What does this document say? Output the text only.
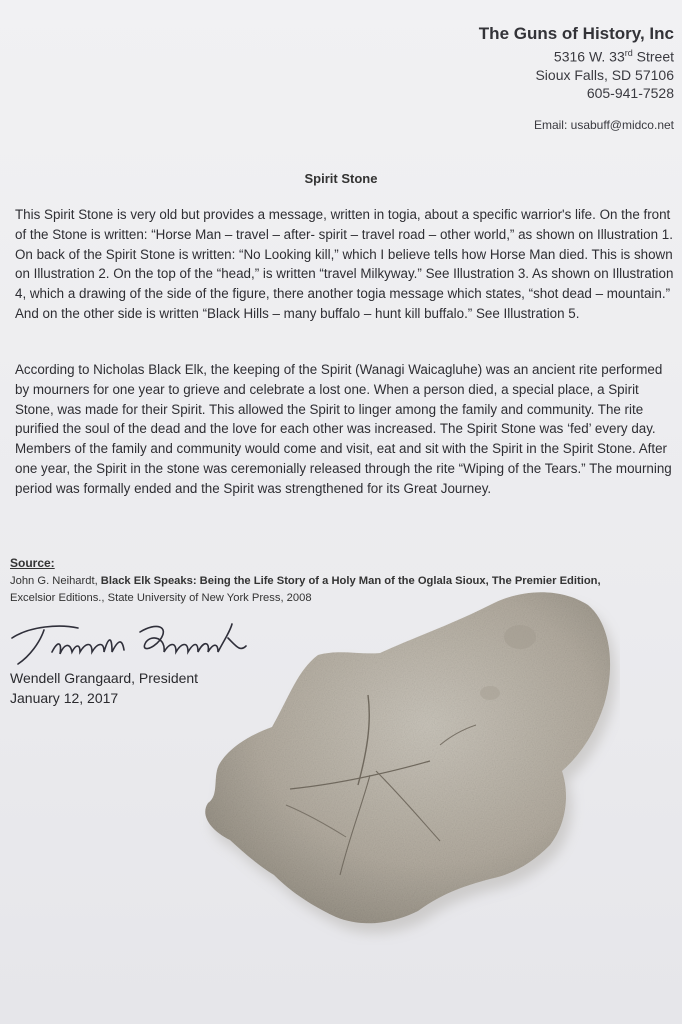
The Guns of History, Inc
5316 W. 33rd Street
Sioux Falls, SD 57106
605-941-7528
Email: usabuff@midco.net
Spirit Stone

This Spirit Stone is very old but provides a message, written in togia, about a specific warrior's life. On the front of the Stone is written: “Horse Man – travel – after- spirit – travel road – other world,” as shown on Illustration 1. On back of the Spirit Stone is written: “No Looking kill,” which I believe tells how Horse Man died. This is shown on Illustration 2. On the top of the “head,” is written “travel Milkyway.” See Illustration 3. As shown on Illustration 4, which a drawing of the side of the figure, there another togia message which states, “shot dead – mountain.” And on the other side is written “Black Hills – many buffalo – hunt kill buffalo.” See Illustration 5.

According to Nicholas Black Elk, the keeping of the Spirit (Wanagi Waicagluhe) was an ancient rite performed by mourners for one year to grieve and celebrate a lost one. When a person died, a special place, a Spirit Stone, was made for their Spirit. This allowed the Spirit to linger among the family and community. The rite purified the soul of the dead and the love for each other was increased. The Spirit Stone was ‘fed’ every day. Members of the family and community would come and visit, eat and sit with the Spirit in the Spirit Stone. After one year, the Spirit in the stone was ceremonially released through the rite “Wiping of the Tears.” The mourning period was formally ended and the Spirit was strengthened for its Great Journey.

Source:
John G. Neihardt, Black Elk Speaks: Being the Life Story of a Holy Man of the Oglala Sioux, The Premier Edition,
Excelsior Editions., State University of New York Press, 2008
Wendell Grangaard, President
January 12, 2017
